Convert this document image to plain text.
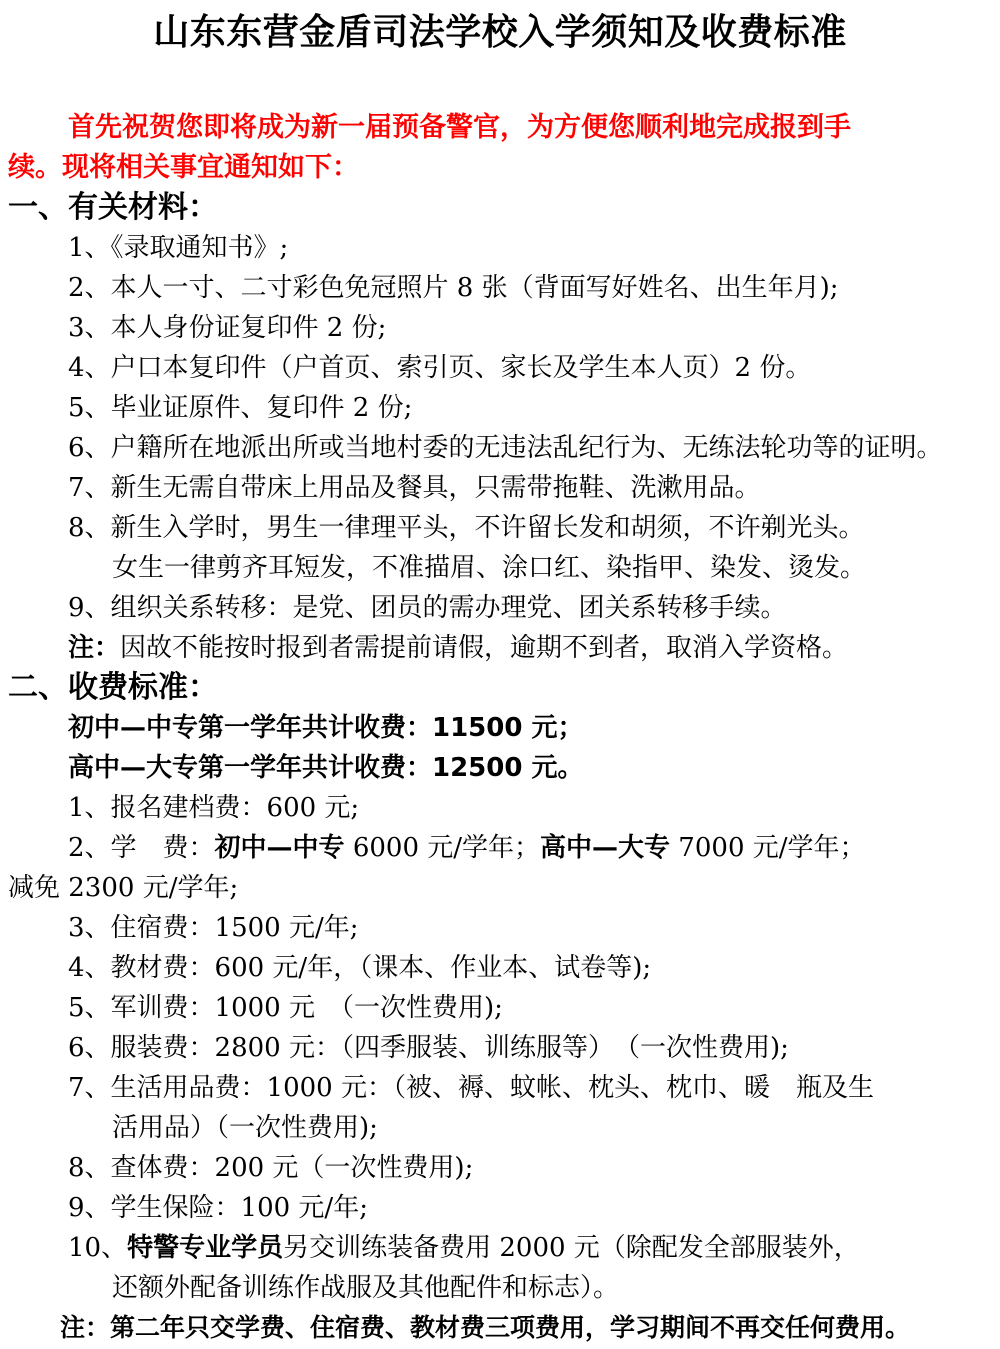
山东东营金盾司法学校入学须知及收费标准
首先祝贺您即将成为新一届预备警官，为方便您顺利地完成报到手
续。现将相关事宜通知如下：
一、有关材料：
1、《录取通知书》;
2、本人一寸、二寸彩色免冠照片 8 张（背面写好姓名、出生年月);
3、本人身份证复印件 2 份;
4、户口本复印件（户首页、索引页、家长及学生本人页）2 份。
5、毕业证原件、复印件 2 份;
6、户籍所在地派出所或当地村委的无违法乱纪行为、无练法轮功等的证明。
7、新生无需自带床上用品及餐具，只需带拖鞋、洗漱用品。
8、新生入学时，男生一律理平头，不许留长发和胡须，不许剃光头。
女生一律剪齐耳短发，不准描眉、涂口红、染指甲、染发、烫发。
9、组织关系转移：是党、团员的需办理党、团关系转移手续。
注：因故不能按时报到者需提前请假，逾期不到者，取消入学资格。
二、收费标准：
初中—中专第一学年共计收费：11500 元；
高中—大专第一学年共计收费：12500 元。
1、报名建档费：600 元;
2、学　费：初中—中专 6000 元/学年；高中—大专 7000 元/学年；
减免 2300 元/学年;
3、住宿费：1500 元/年;
4、教材费：600 元/年，（课本、作业本、试卷等);
5、军训费：1000 元　（一次性费用);
6、服装费：2800 元：（四季服装、训练服等）　（一次性费用);
7、生活用品费：1000 元：（被、褥、蚊帐、枕头、枕巾、暖　瓶及生
活用品）（一次性费用);
8、查体费：200 元（一次性费用);
9、学生保险：100 元/年;
10、特警专业学员另交训练装备费用 2000 元（除配发全部服装外，
还额外配备训练作战服及其他配件和标志）。
注：第二年只交学费、住宿费、教材费三项费用，学习期间不再交任何费用。
